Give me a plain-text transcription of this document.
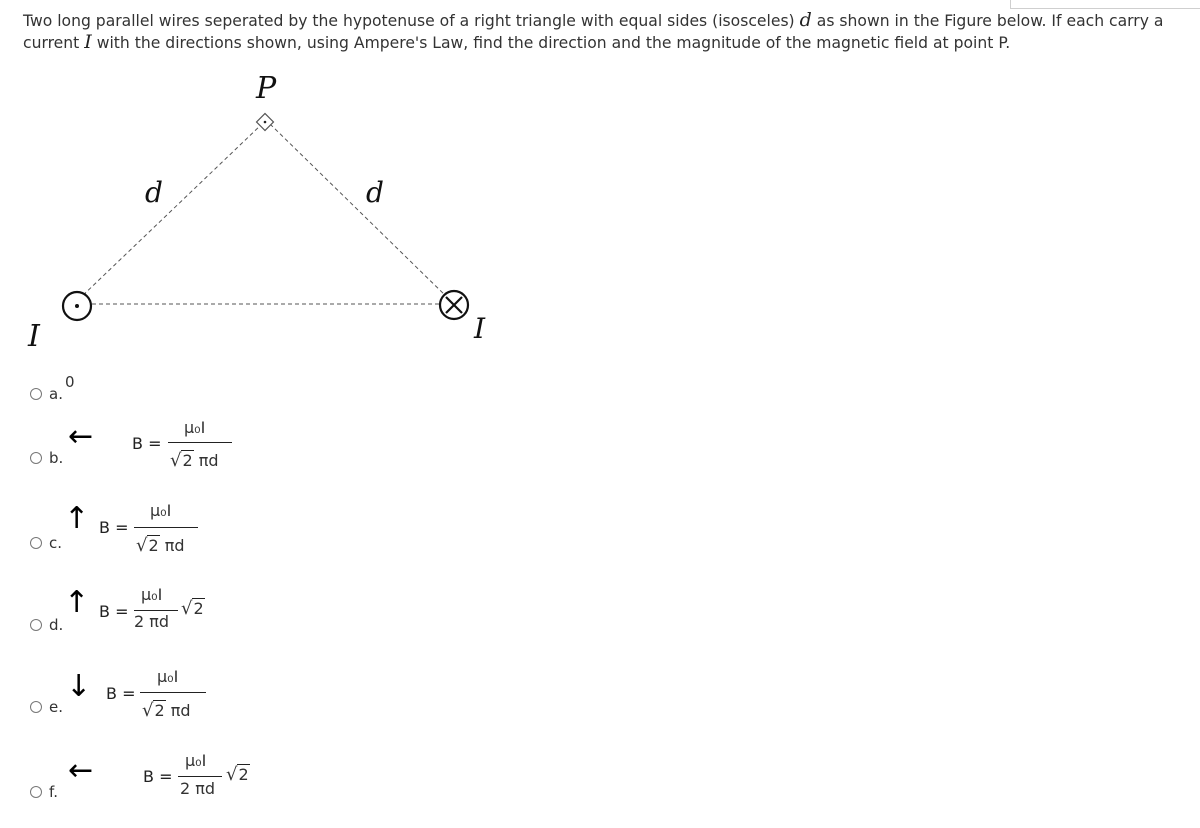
Two long parallel wires seperated by the hypotenuse of a right triangle with equal sides (isosceles) d as shown in the Figure below. If each carry a current I with the directions shown, using Ampere's Law, find the direction and the magnitude of the magnetic field at point P.
P
d	d
I	I
a.
0
b.
← B =
μ₀I
√2 πd
c.
↑ B =
μ₀I
√2 πd
d.
↑ B =
μ₀I
2 πd
√2
e.
↓ B =
μ₀I
√2 πd
f.
←	B =
μ₀I
2 πd
√2
